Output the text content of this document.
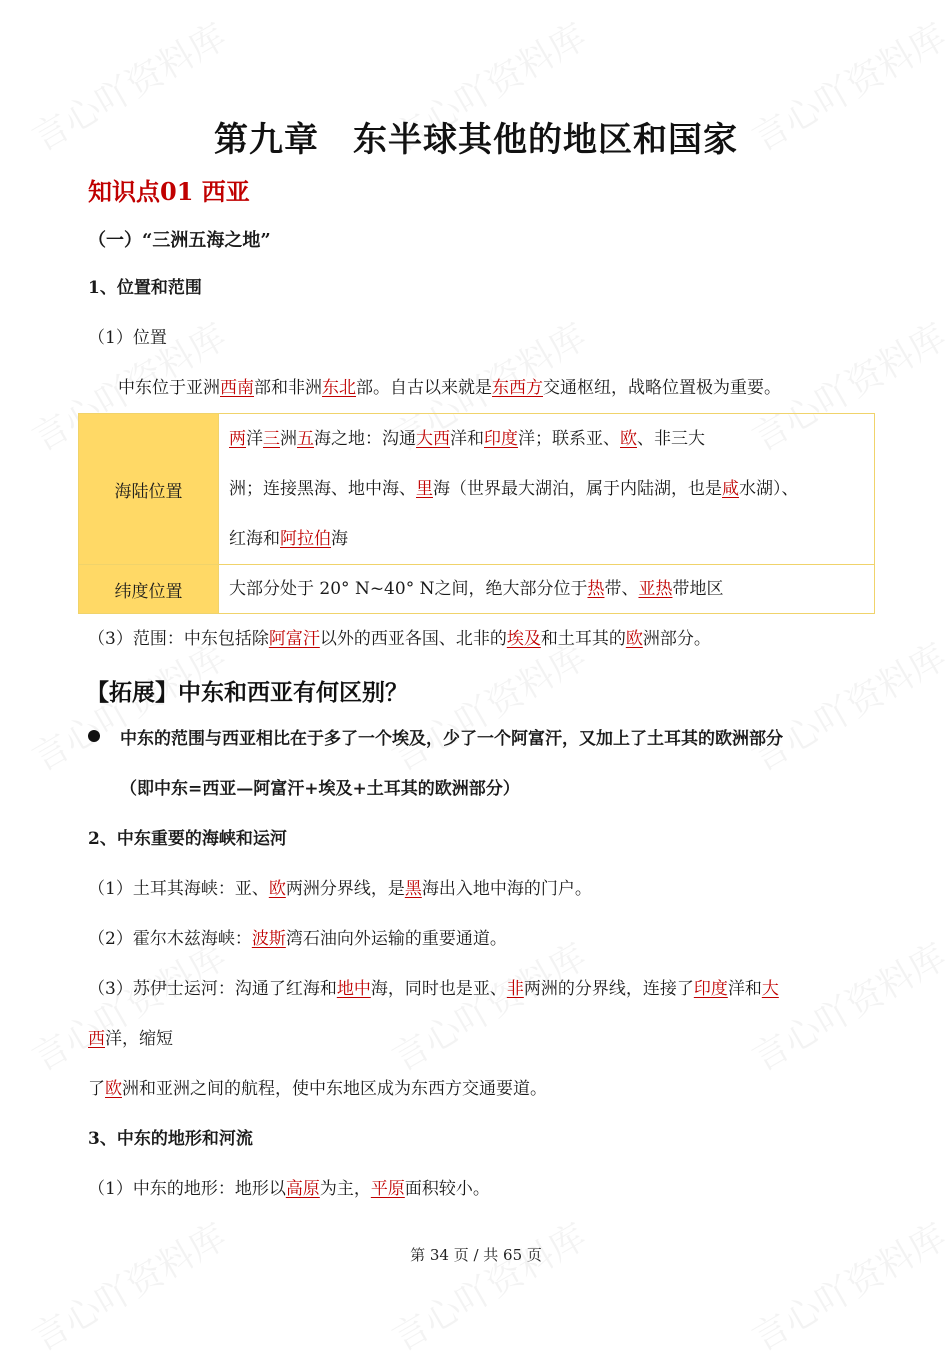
第九章 东半球其他的地区和国家
知识点01 西亚
（一）“三洲五海之地”
1、位置和范围
（1）位置
中东位于亚洲西南部和非洲东北部。自古以来就是东西方交通枢纽，战略位置极为重要。
海陆位置	两洋三洲五海之地：沟通大西洋和印度洋；联系亚、欧、非三大
洲；连接黑海、地中海、里海（世界最大湖泊，属于内陆湖，也是咸水湖）、
红海和阿拉伯海

纬度位置	大部分处于 20° N~40° N之间，绝大部分位于热带、亚热带地区
（3）范围：中东包括除阿富汗以外的西亚各国、北非的埃及和土耳其的欧洲部分。
【拓展】中东和西亚有何区别？
中东的范围与西亚相比在于多了一个埃及，少了一个阿富汗，又加上了土耳其的欧洲部分
（即中东=西亚—阿富汗+埃及+土耳其的欧洲部分）
2、中东重要的海峡和运河
（1）土耳其海峡：亚、欧两洲分界线，是黑海出入地中海的门户。
（2）霍尔木兹海峡：波斯湾石油向外运输的重要通道。
（3）苏伊士运河：沟通了红海和地中海，同时也是亚、非两洲的分界线，连接了印度洋和大
西洋，缩短
了欧洲和亚洲之间的航程，使中东地区成为东西方交通要道。
3、中东的地形和河流
（1）中东的地形：地形以高原为主，平原面积较小。
第 34 页 / 共 65 页
